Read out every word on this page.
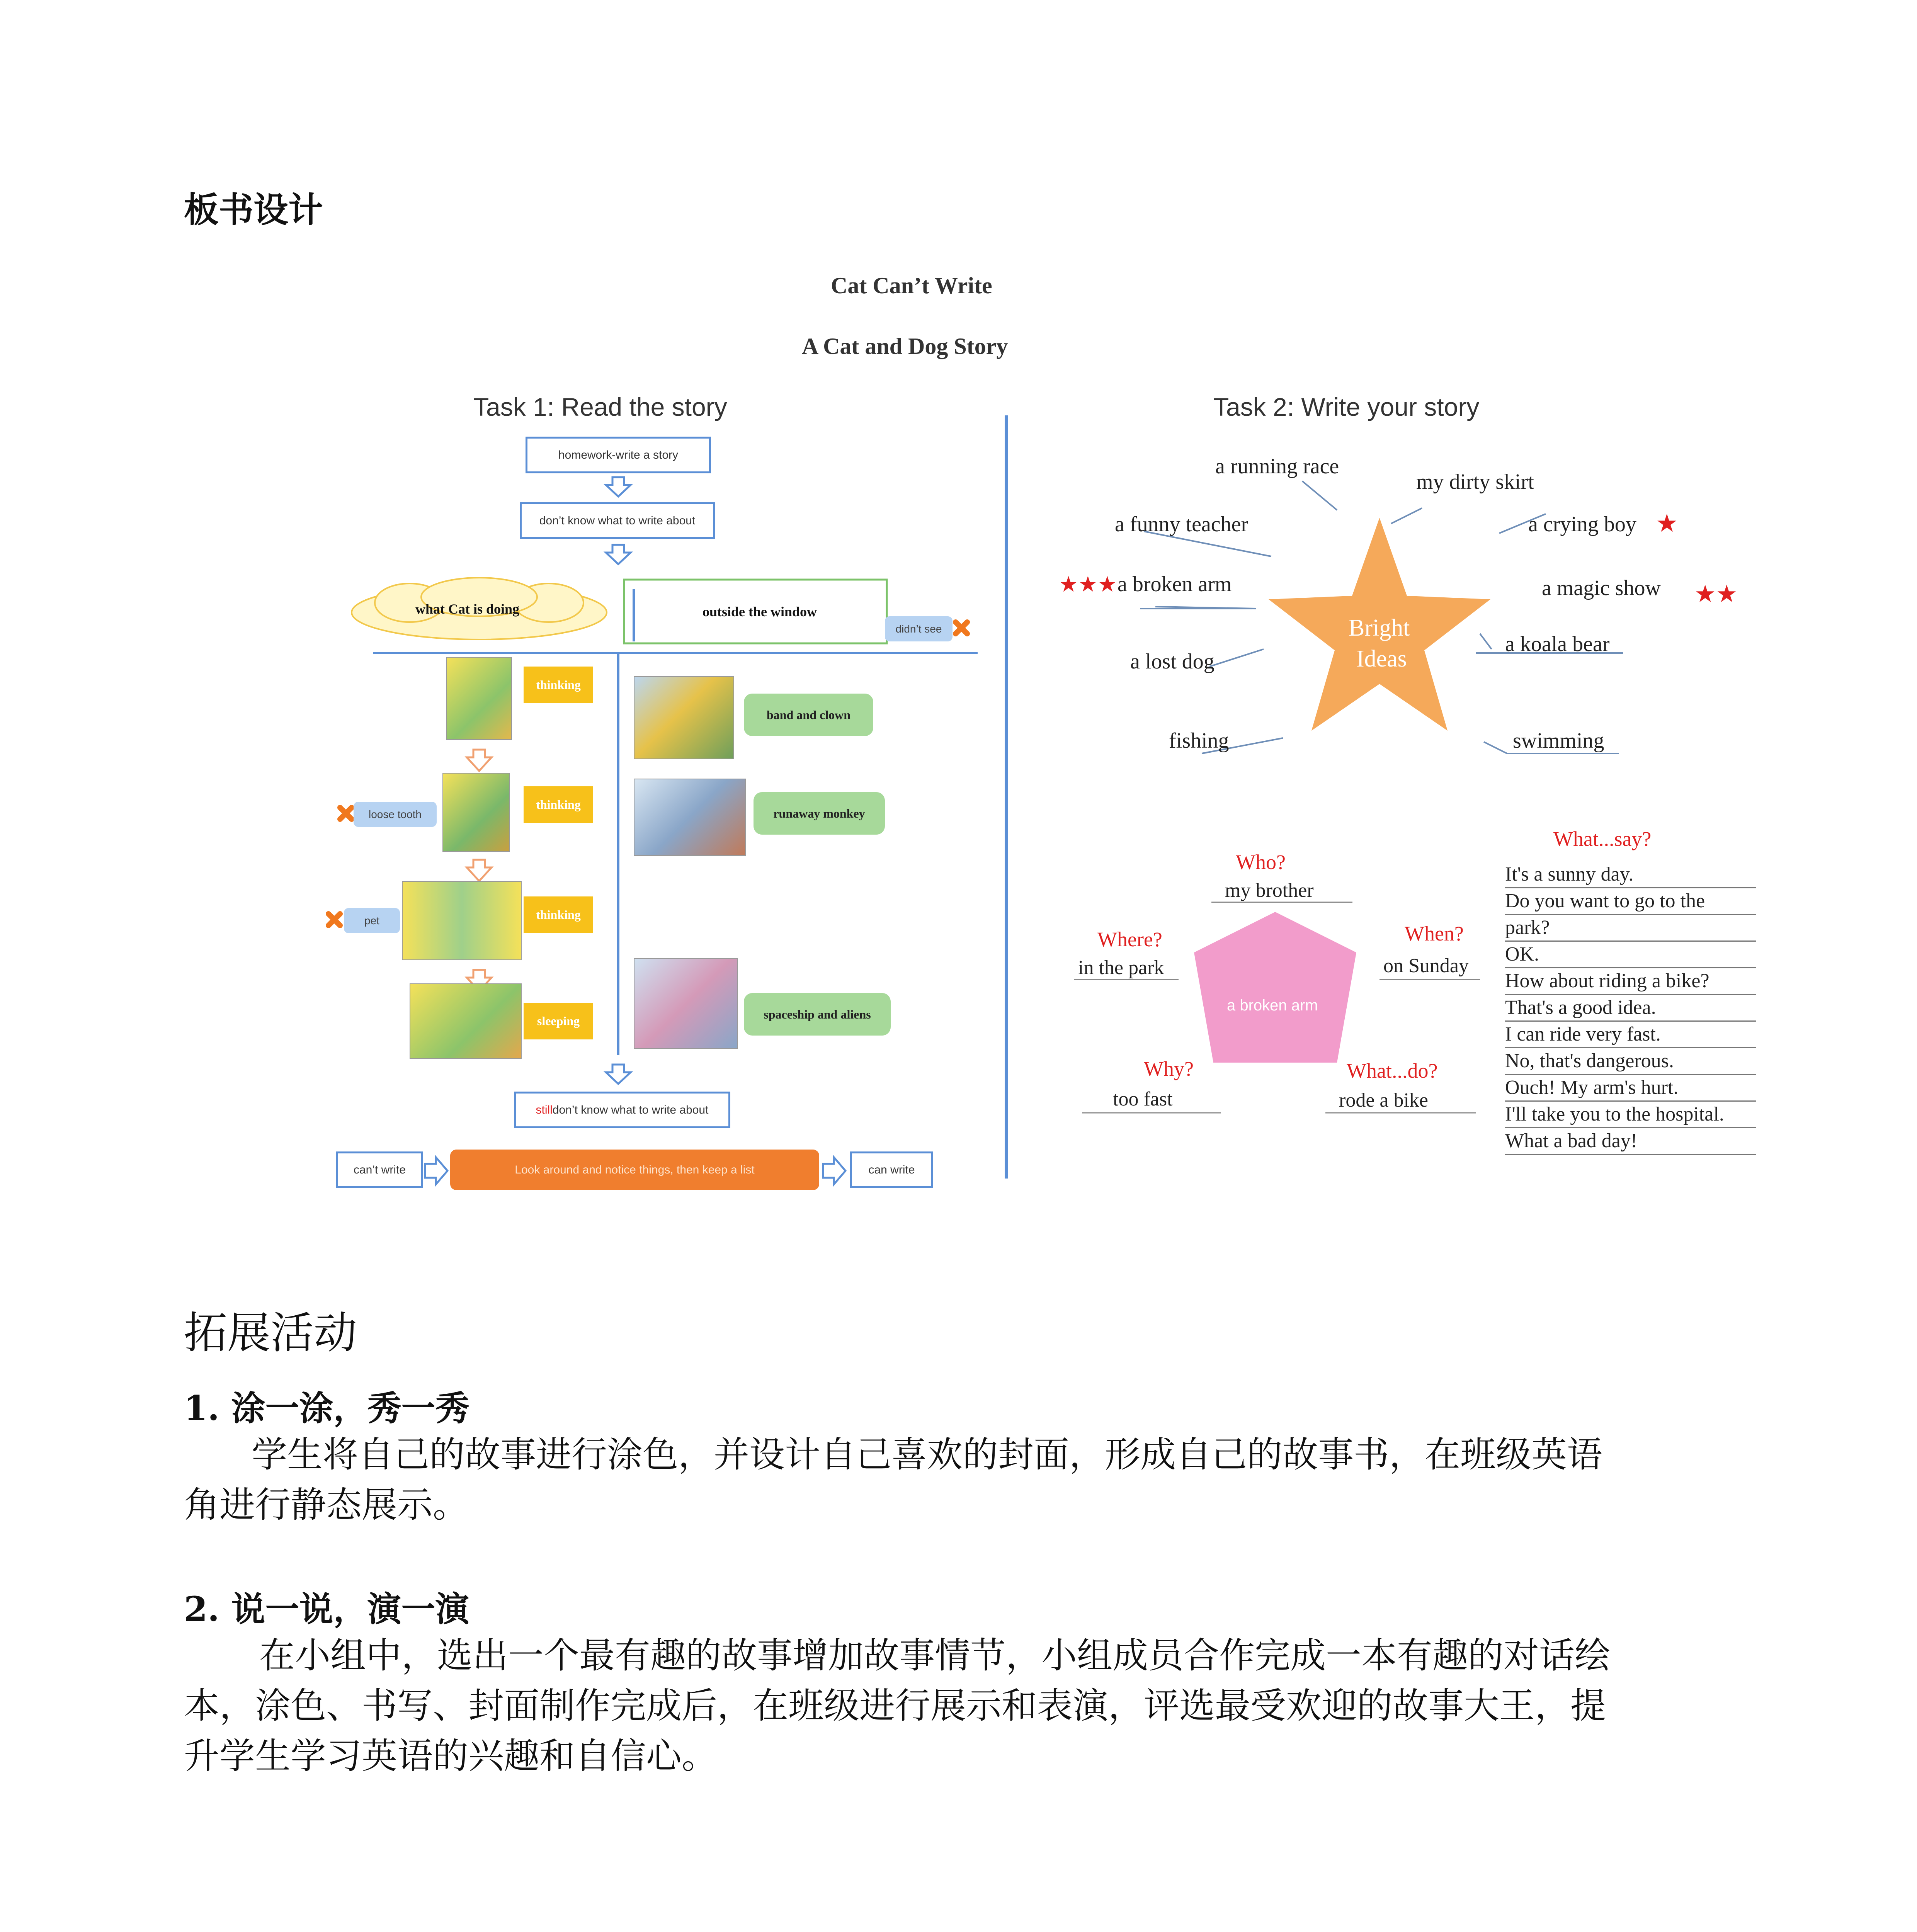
板书设计
Cat Can’t Write
A Cat and Dog Story
Task 1: Read the story
homework-write a story
don’t know what to write about
what Cat is doing	outside the window
didn’t see
thinking
thinking
thinking
sleeping
loose tooth
pet
band and clown
runaway monkey
spaceship and aliens
still don’t know what to write about
can’t write	Look around and notice things, then keep a list	can write
Task 2: Write your story
Bright
Ideas
a running race
my dirty skirt
a funny teacher	a crying boy ★
★★★ a broken arm	a magic show ★★
a lost dog
a koala bear
fishing	swimming
a broken arm
Who?
my brother
Where?
in the park
When?
on Sunday
Why?
too fast
What...do?
rode a bike
What...say?
It's a sunny day.
Do you want to go to the
park?
OK.
How about riding a bike?
That's a good idea.
I can ride very fast.
No, that's dangerous.
Ouch! My arm's hurt.
I'll take you to the hospital.
What a bad day!
拓展活动
1. 涂一涂，秀一秀
学生将自己的故事进行涂色，并设计自己喜欢的封面，形成自己的故事书，在班级英语
角进行静态展示。
2. 说一说，演一演
在小组中，选出一个最有趣的故事增加故事情节，小组成员合作完成一本有趣的对话绘
本，涂色、书写、封面制作完成后，在班级进行展示和表演，评选最受欢迎的故事大王，提
升学生学习英语的兴趣和自信心。
